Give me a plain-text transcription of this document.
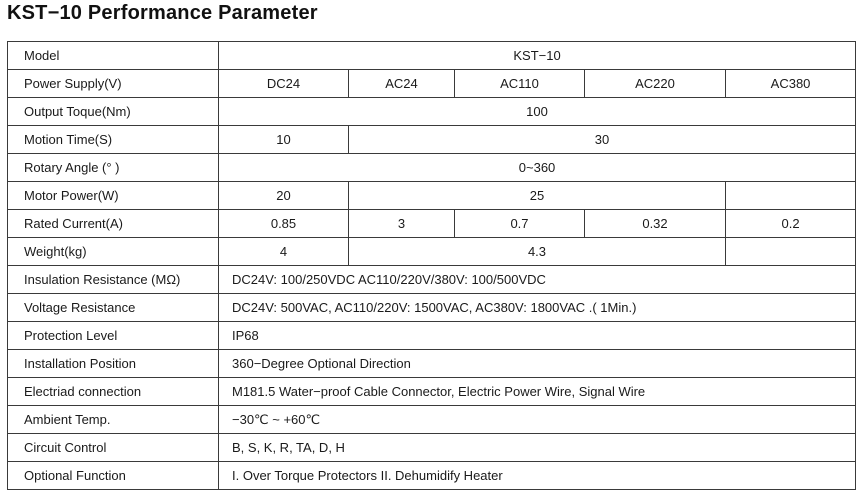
KST−10 Performance Parameter
Model	KST−10				
Power Supply(V)	DC24	AC24	AC110	AC220	AC380
Output Toque(Nm)	100				
Motion Time(S)	10	30			
Rotary Angle (° )	0~360				
Motor Power(W)	20	25			
Rated Current(A)	0.85	3	0.7	0.32	0.2
Weight(kg)	4	4.3			
Insulation Resistance (MΩ)	DC24V: 100/250VDC AC110/220V/380V: 100/500VDC				
Voltage Resistance	DC24V: 500VAC, AC110/220V: 1500VAC, AC380V: 1800VAC .( 1Min.)				
Protection Level	IP68				
Installation Position	360−Degree Optional Direction				
Electriad connection	M181.5 Water−proof Cable Connector, Electric Power Wire, Signal Wire				
Ambient Temp.	−30℃ ~ +60℃				
Circuit Control	B, S, K, R, TA, D, H				
Optional Function	I. Over Torque Protectors II. Dehumidify Heater				
